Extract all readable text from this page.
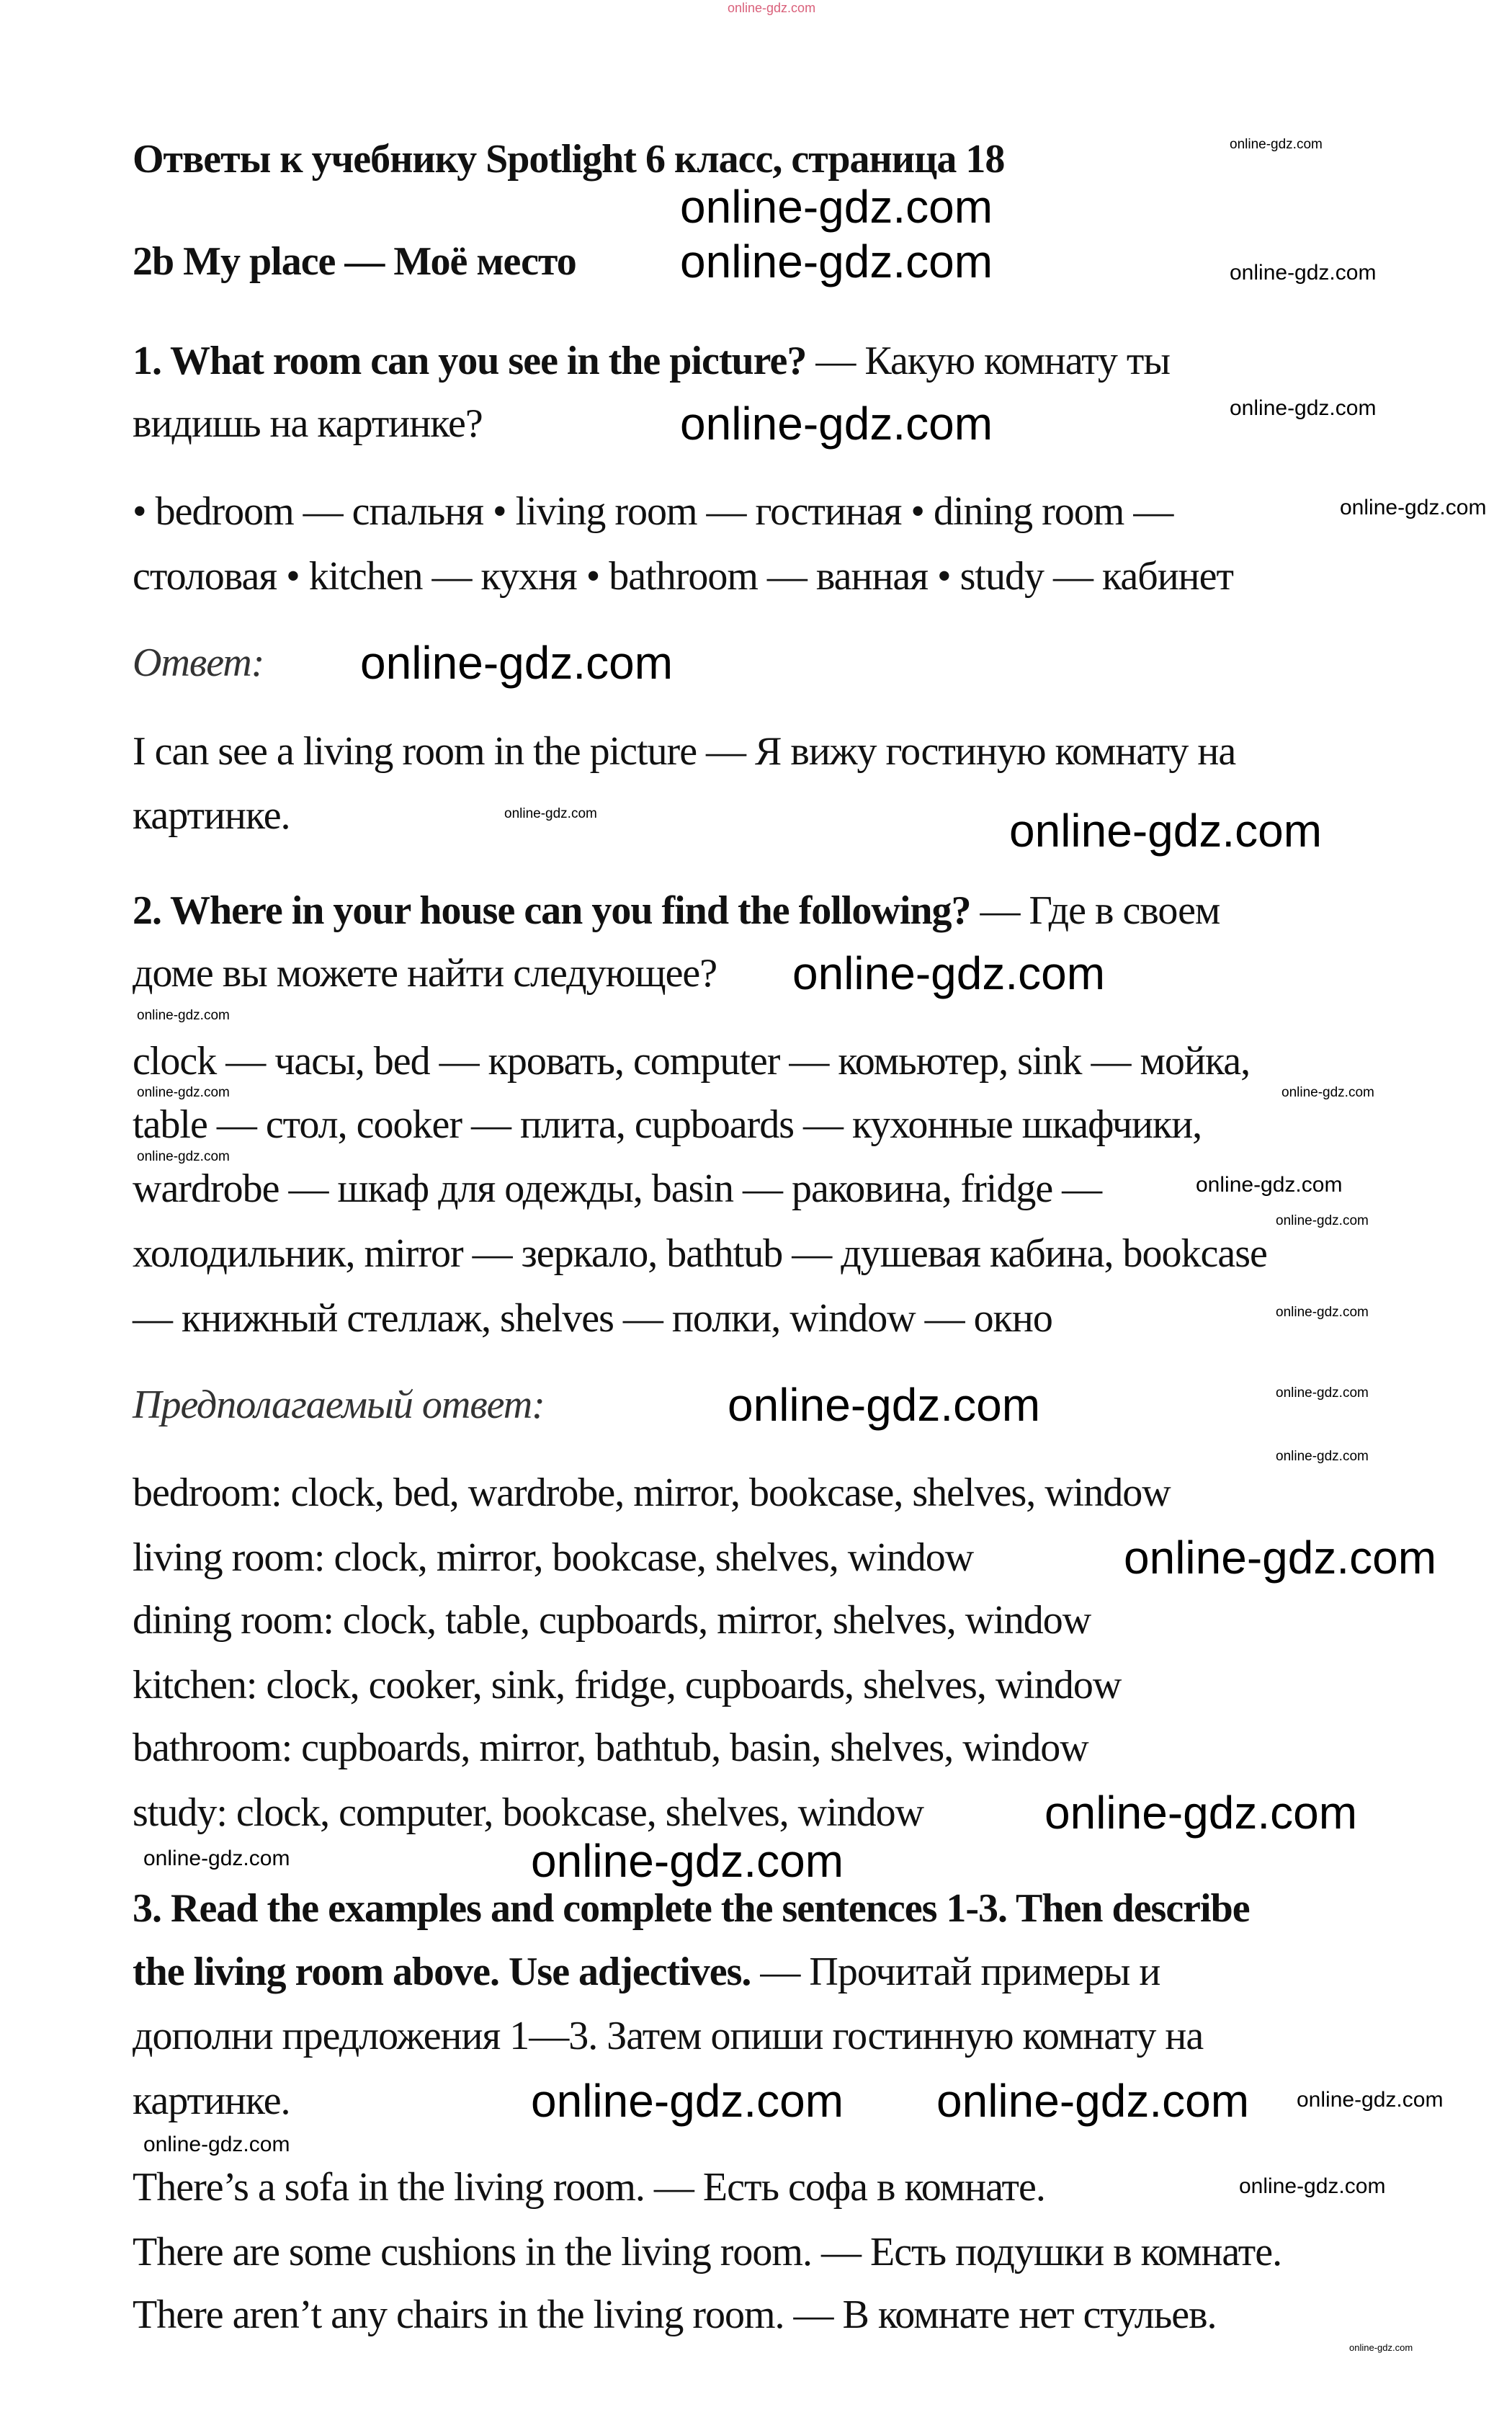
online-gdz.com
Ответы к учебнику Spotlight 6 класс, страница 18
2b My place — Моё место
1. What room can you see in the picture? — Какую комнату ты
видишь на картинке?
• bedroom — спальня • living room — гостиная • dining room —
столовая • kitchen — кухня • bathroom — ванная • study — кабинет
Ответ:
I can see a living room in the picture — Я вижу гостиную комнату на
картинке.
2. Where in your house can you find the following? — Где в своем
доме вы можете найти следующее?
clock — часы, bed — кровать, computer — комьютер, sink — мойка,
table — стол, cooker — плита, cupboards — кухонные шкафчики,
wardrobe — шкаф для одежды, basin — раковина, fridge —
холодильник, mirror — зеркало, bathtub — душевая кабина, bookcase
— книжный стеллаж, shelves — полки, window — окно
Предполагаемый ответ:
bedroom: clock, bed, wardrobe, mirror, bookcase, shelves, window
living room: clock, mirror, bookcase, shelves, window
dining room: clock, table, cupboards, mirror, shelves, window
kitchen: clock, cooker, sink, fridge, cupboards, shelves, window
bathroom: cupboards, mirror, bathtub, basin, shelves, window
study: clock, computer, bookcase, shelves, window
3. Read the examples and complete the sentences 1-3. Then describe
the living room above. Use adjectives. — Прочитай примеры и
дополни предложения 1—3. Затем опиши гостинную комнату на
картинке.
There’s a sofa in the living room. — Есть софа в комнате.
There are some cushions in the living room. — Есть подушки в комнате.
There aren’t any chairs in the living room. — В комнате нет стульев.
online-gdz.com
online-gdz.com
online-gdz.com
online-gdz.com
online-gdz.com
online-gdz.com
online-gdz.com
online-gdz.com
online-gdz.com
online-gdz.com
online-gdz.com
online-gdz.com
online-gdz.com
online-gdz.com
online-gdz.com
online-gdz.com
online-gdz.com
online-gdz.com
online-gdz.com
online-gdz.com
online-gdz.com
online-gdz.com
online-gdz.com
online-gdz.com	online-gdz.com
online-gdz.com
online-gdz.com
online-gdz.com
online-gdz.com
online-gdz.com
online-gdz.com
